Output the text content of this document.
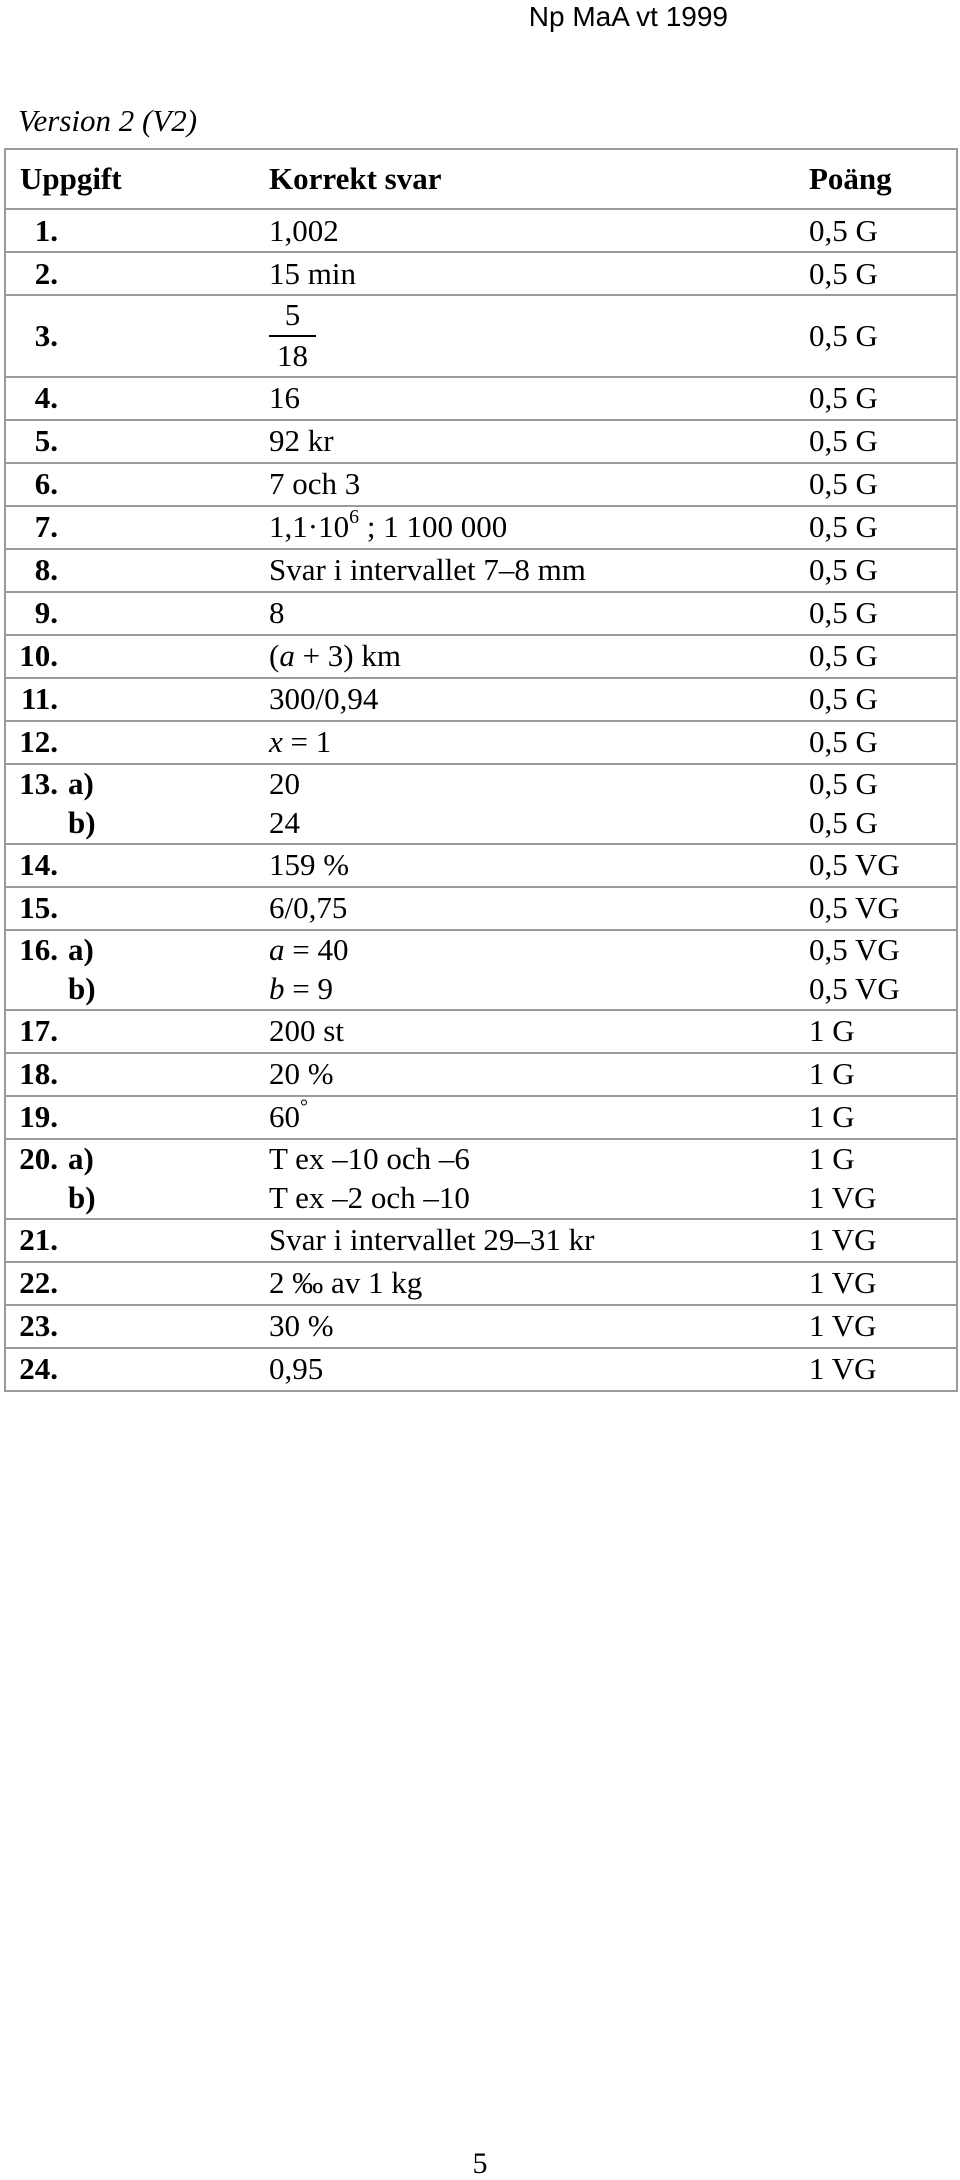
Np MaA vt 1999
Version 2 (V2)
Uppgift	Korrekt svar	Poäng
1.	1,002	0,5 G
2.	15 min	0,5 G
3.	$\frac{5}{18}$	0,5 G
4.	16	0,5 G
5.	92 kr	0,5 G
6.	7 och 3	0,5 G
7.	$1,1\cdot 10^6$ ; 1 100 000	0,5 G
8.	Svar i intervallet 7–8 mm	0,5 G
9.	8	0,5 G
10.	(a + 3) km	0,5 G
11.	300/0,94	0,5 G
12.	x = 1	0,5 G
13. a)	20	0,5 G
b)	24	0,5 G
14.	159 %	0,5 VG
15.	6/0,75	0,5 VG
16. a)	a = 40	0,5 VG
b)	b = 9	0,5 VG
17.	200 st	1 G
18.	20 %	1 G
19.	60°	1 G
20. a)	T ex –10 och –6	1 G
b)	T ex –2 och –10	1 VG
21.	Svar i intervallet 29–31 kr	1 VG
22.	2 ‰ av 1 kg	1 VG
23.	30 %	1 VG
24.	0,95	1 VG
5
